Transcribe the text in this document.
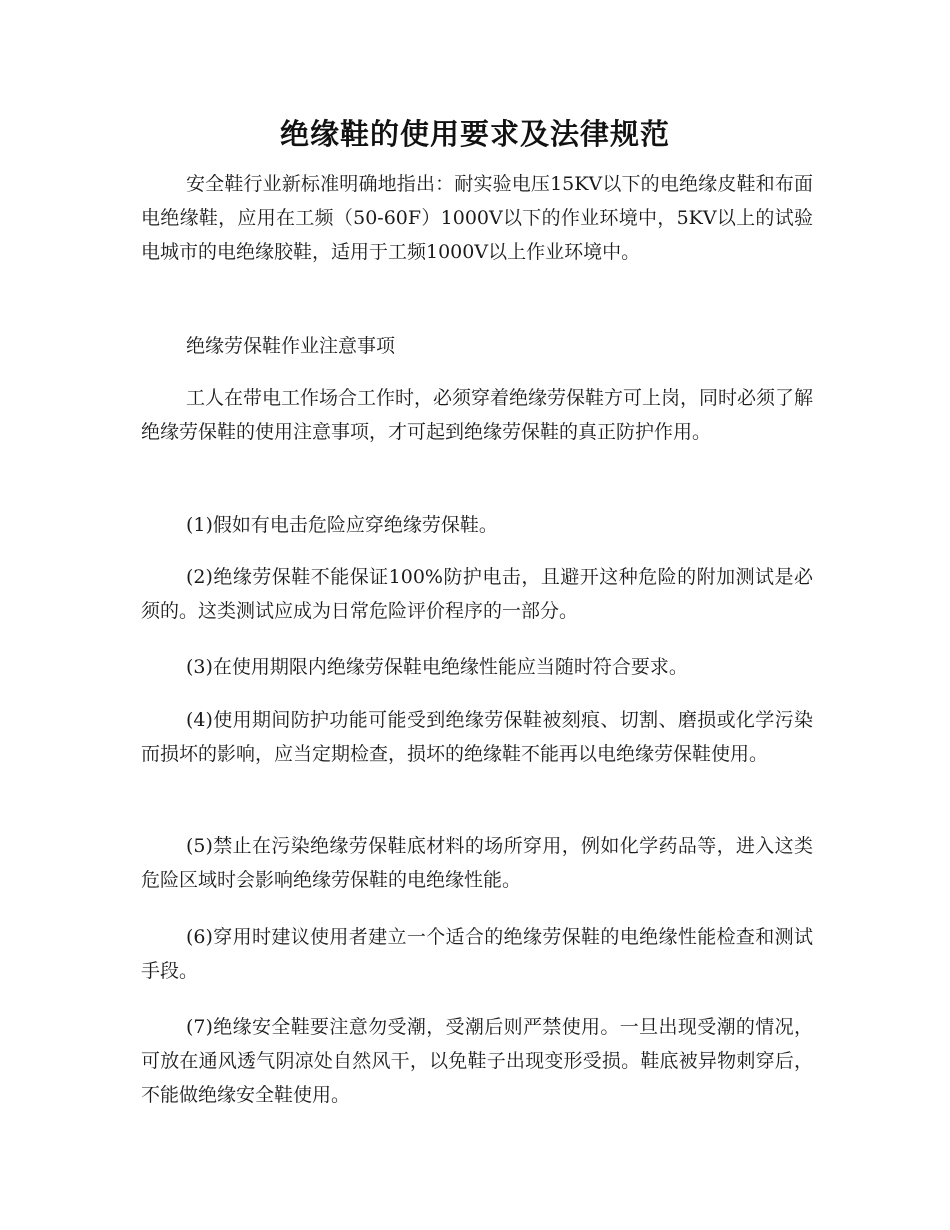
绝缘鞋的使用要求及法律规范

安全鞋行业新标准明确地指出：耐实验电压15KV以下的电绝缘皮鞋和布面电绝缘鞋，应用在工频（50-60F）1000V以下的作业环境中，5KV以上的试验电城市的电绝缘胶鞋，适用于工频1000V以上作业环境中。

绝缘劳保鞋作业注意事项

工人在带电工作场合工作时，必须穿着绝缘劳保鞋方可上岗，同时必须了解绝缘劳保鞋的使用注意事项，才可起到绝缘劳保鞋的真正防护作用。

(1)假如有电击危险应穿绝缘劳保鞋。

(2)绝缘劳保鞋不能保证100%防护电击，且避开这种危险的附加测试是必须的。这类测试应成为日常危险评价程序的一部分。

(3)在使用期限内绝缘劳保鞋电绝缘性能应当随时符合要求。

(4)使用期间防护功能可能受到绝缘劳保鞋被刻痕、切割、磨损或化学污染而损坏的影响，应当定期检查，损坏的绝缘鞋不能再以电绝缘劳保鞋使用。

(5)禁止在污染绝缘劳保鞋底材料的场所穿用，例如化学药品等，进入这类危险区域时会影响绝缘劳保鞋的电绝缘性能。

(6)穿用时建议使用者建立一个适合的绝缘劳保鞋的电绝缘性能检查和测试手段。

(7)绝缘安全鞋要注意勿受潮，受潮后则严禁使用。一旦出现受潮的情况，可放在通风透气阴凉处自然风干，以免鞋子出现变形受损。鞋底被异物刺穿后，不能做绝缘安全鞋使用。
